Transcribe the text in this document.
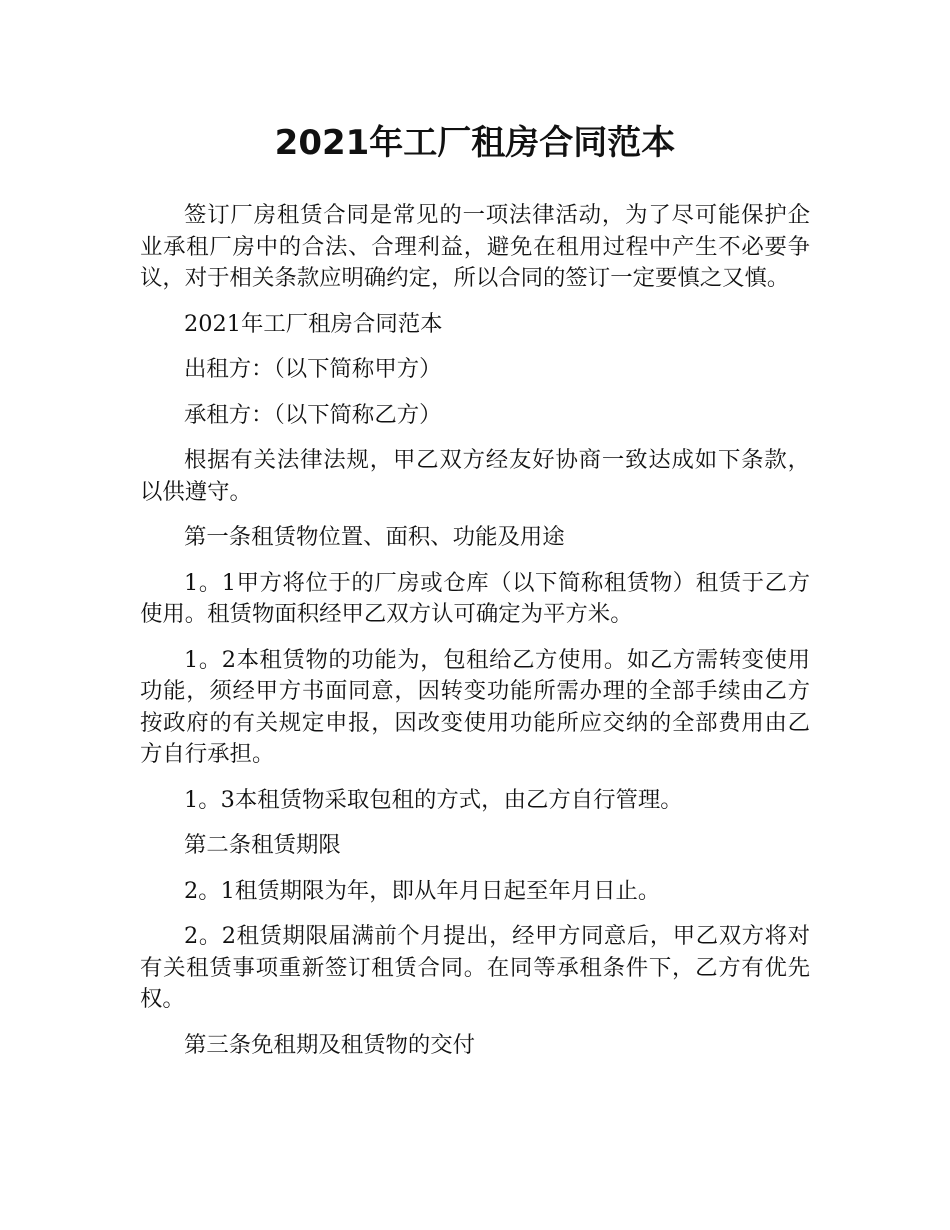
2021年工厂租房合同范本

签订厂房租赁合同是常见的一项法律活动，为了尽可能保护企业承租厂房中的合法、合理利益，避免在租用过程中产生不必要争议，对于相关条款应明确约定，所以合同的签订一定要慎之又慎。

2021年工厂租房合同范本

出租方：（以下简称甲方）

承租方：（以下简称乙方）

根据有关法律法规，甲乙双方经友好协商一致达成如下条款，以供遵守。

第一条租赁物位置、面积、功能及用途

1。1甲方将位于的厂房或仓库（以下简称租赁物）租赁于乙方使用。租赁物面积经甲乙双方认可确定为平方米。

1。2本租赁物的功能为，包租给乙方使用。如乙方需转变使用功能，须经甲方书面同意，因转变功能所需办理的全部手续由乙方按政府的有关规定申报，因改变使用功能所应交纳的全部费用由乙方自行承担。

1。3本租赁物采取包租的方式，由乙方自行管理。

第二条租赁期限

2。1租赁期限为年，即从年月日起至年月日止。

2。2租赁期限届满前个月提出，经甲方同意后，甲乙双方将对有关租赁事项重新签订租赁合同。在同等承租条件下，乙方有优先权。

第三条免租期及租赁物的交付
